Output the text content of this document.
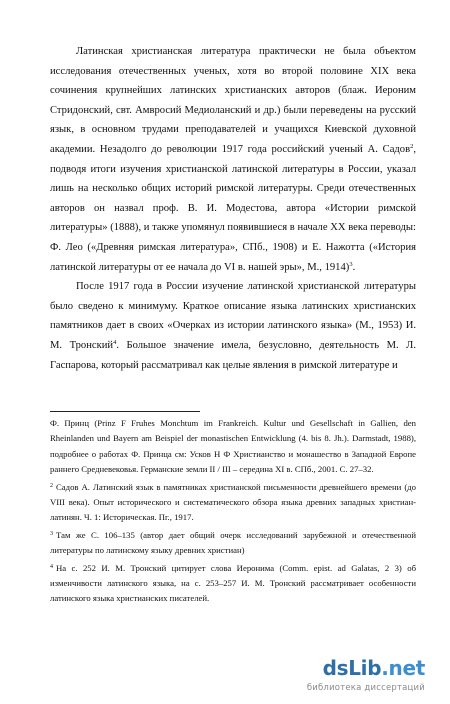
Латинская христианская литература практически не была объектом исследования отечественных ученых, хотя во второй половине XIX века сочинения крупнейших латинских христианских авторов (блаж. Иероним Стридонский, свт. Амвросий Медиоланский и др.) были переведены на русский язык, в основном трудами преподавателей и учащихся Киевской духовной академии. Незадолго до революции 1917 года российский ученый А. Садов$^2$, подводя итоги изучения христианской латинской литературы в России, указал лишь на несколько общих историй римской литературы. Среди отечественных авторов он назвал проф. В. И. Модестова, автора «Истории римской литературы» (1888), и также упомянул появившиеся в начале XX века переводы: Ф. Лео («Древняя римская литература», СПб., 1908) и Е. Нажотта («История латинской литературы от ее начала до VI в. нашей эры», М., 1914)$^3$.

После 1917 года в России изучение латинской христианской литературы было сведено к минимуму. Краткое описание языка латинских христианских памятников дает в своих «Очерках из истории латинского языка» (М., 1953) И. М. Тронский$^4$. Большое значение имела, безусловно, деятельность М. Л. Гаспарова, который рассматривал как целые явления в римской литературе и

Ф. Принц (Prinz F Fruhes Monchtum im Frankreich. Kultur und Gesellschaft in Gallien, den Rheinlanden und Bayern am Beispiel der monastischen Entwicklung (4. bis 8. Jh.). Darmstadt, 1988), подробнее о работах Ф. Принца см: Усков Н Ф Христианство и монашество в Западной Европе раннего Средневековья. Германские земли II / III – середина XI в. СПб., 2001. С. 27–32.

$^2$ Садов А. Латинский язык в памятниках христианской письменности древнейшего времени (до VIII века). Опыт исторического и систематического обзора языка древних западных христиан-латинян. Ч. 1: Историческая. Пг., 1917.

$^3$ Там же С. 106–135 (автор дает общий очерк исследований зарубежной и отечественной литературы по латинскому языку древних христиан)

$^4$ На с. 252 И. М. Тронский цитирует слова Иеронима (Comm. epist. ad Galatas, 2 3) об изменчивости латинского языка, на с. 253–257 И. М. Тронский рассматривает особенности латинского языка христианских писателей.

dsLib.net
библиотека диссертаций
